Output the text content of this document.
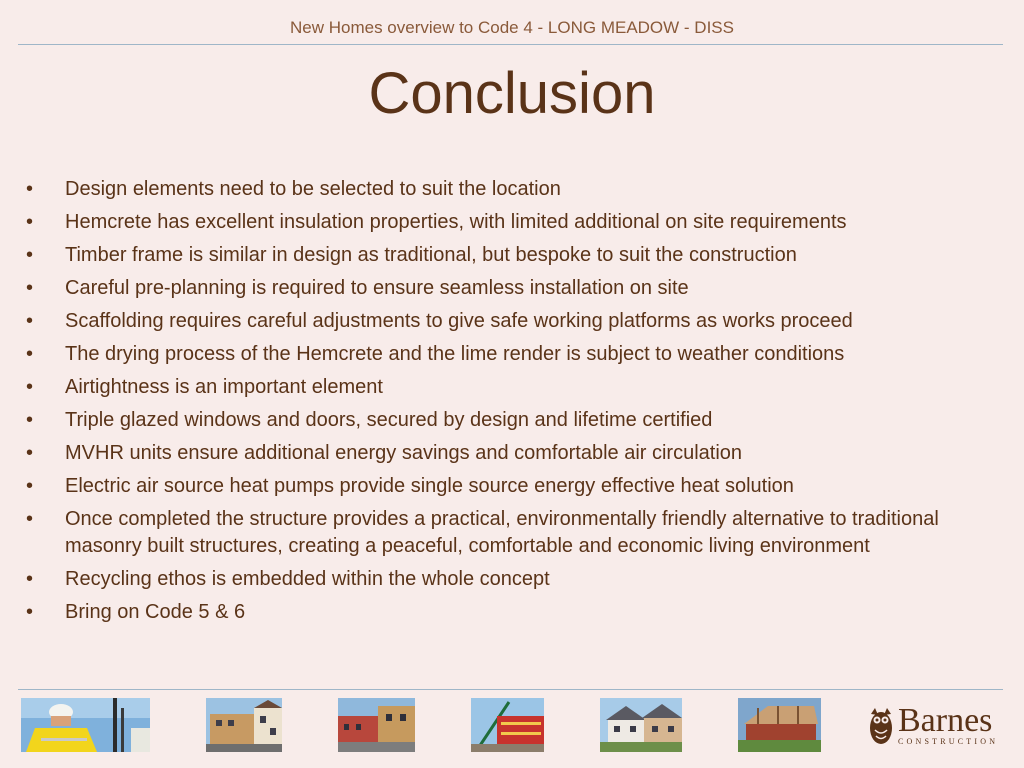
New Homes overview to Code 4 - LONG MEADOW - DISS
Conclusion
•	Design elements need to be selected to suit the location
•	Hemcrete has excellent insulation properties, with limited additional on site requirements
•	Timber frame is similar in design as traditional, but bespoke to suit the construction
•	Careful pre-planning is required to ensure seamless installation on site
•	Scaffolding requires careful adjustments to give safe working platforms as works proceed
•	The drying process of the Hemcrete and the lime render is subject to weather conditions
•	Airtightness is an important element
•	Triple glazed windows and doors, secured by design and lifetime certified
•	MVHR units ensure additional energy savings and comfortable air circulation
•	Electric air source heat pumps provide single source energy effective heat solution
•	Once completed the structure provides a practical, environmentally friendly alternative to traditional masonry built structures, creating a peaceful, comfortable and economic living environment
•	Recycling ethos is embedded within the whole concept
•	Bring on Code 5 & 6
Barnes
CONSTRUCTION
